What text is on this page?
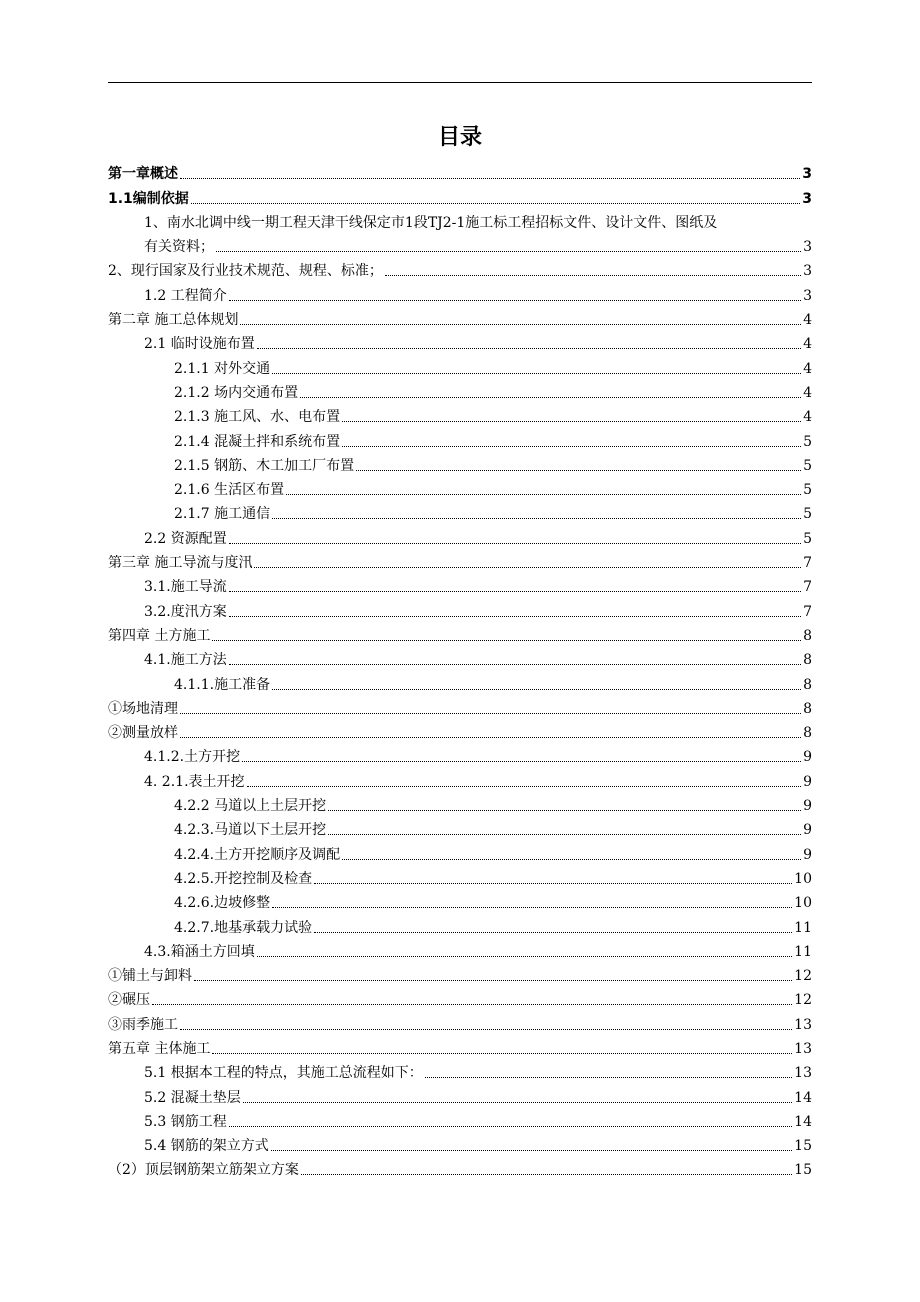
目录
第一章概述	3
1.1编制依据	3
1、南水北调中线一期工程天津干线保定市1段TJ2-1施工标工程招标文件、设计文件、图纸及
有关资料；	3
2、现行国家及行业技术规范、规程、标准；	3
1.2 工程简介	3
第二章 施工总体规划	4
2.1 临时设施布置	4
2.1.1 对外交通	4
2.1.2 场内交通布置	4
2.1.3 施工风、水、电布置	4
2.1.4 混凝土拌和系统布置	5
2.1.5 钢筋、木工加工厂布置	5
2.1.6 生活区布置	5
2.1.7 施工通信	5
2.2 资源配置	5
第三章 施工导流与度汛	7
3.1.施工导流	7
3.2.度汛方案	7
第四章 土方施工	8
4.1.施工方法	8
4.1.1.施工准备	8
①场地清理	8
②测量放样	8
4.1.2.土方开挖	9
4. 2.1.表土开挖	9
4.2.2 马道以上土层开挖	9
4.2.3.马道以下土层开挖	9
4.2.4.土方开挖顺序及调配	9
4.2.5.开挖控制及检查	10
4.2.6.边坡修整	10
4.2.7.地基承载力试验	11
4.3.箱涵土方回填	11
①铺土与卸料	12
②碾压	12
③雨季施工	13
第五章 主体施工	13
5.1 根据本工程的特点，其施工总流程如下：	13
5.2 混凝土垫层	14
5.3 钢筋工程	14
5.4 钢筋的架立方式	15
（2）顶层钢筋架立筋架立方案	15
